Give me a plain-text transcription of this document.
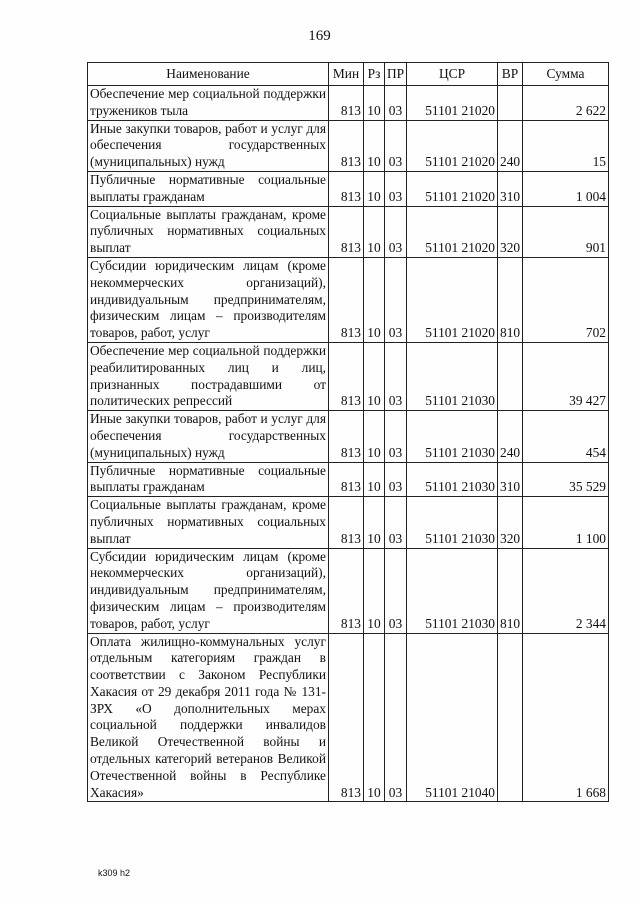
169
Наименование	Мин	Рз	ПР	ЦСР	ВР	Сумма
Обеспечение мер социальной поддержки тружеников тыла	813	10	03	51101 21020		2 622
Иные закупки товаров, работ и услуг для обеспечения государственных (муниципальных) нужд	813	10	03	51101 21020	240	15
Публичные нормативные социальные выплаты гражданам	813	10	03	51101 21020	310	1 004
Социальные выплаты гражданам, кроме публичных нормативных социальных выплат	813	10	03	51101 21020	320	901
Субсидии юридическим лицам (кроме некоммерческих организаций), индивидуальным предпринимателям, физическим лицам – производителям товаров, работ, услуг	813	10	03	51101 21020	810	702
Обеспечение мер социальной поддержки реабилитированных лиц и лиц, признанных пострадавшими от политических репрессий	813	10	03	51101 21030		39 427
Иные закупки товаров, работ и услуг для обеспечения государственных (муниципальных) нужд	813	10	03	51101 21030	240	454
Публичные нормативные социальные выплаты гражданам	813	10	03	51101 21030	310	35 529
Социальные выплаты гражданам, кроме публичных нормативных социальных выплат	813	10	03	51101 21030	320	1 100
Субсидии юридическим лицам (кроме некоммерческих организаций), индивидуальным предпринимателям, физическим лицам – производителям товаров, работ, услуг	813	10	03	51101 21030	810	2 344
Оплата жилищно-коммунальных услуг отдельным категориям граждан в соответствии с Законом Республики Хакасия от 29 декабря 2011 года № 131-ЗРХ «О дополнительных мерах социальной поддержки инвалидов Великой Отечественной войны и отдельных категорий ветеранов Великой Отечественной войны в Республике Хакасия»	813	10	03	51101 21040		1 668
k309 h2
